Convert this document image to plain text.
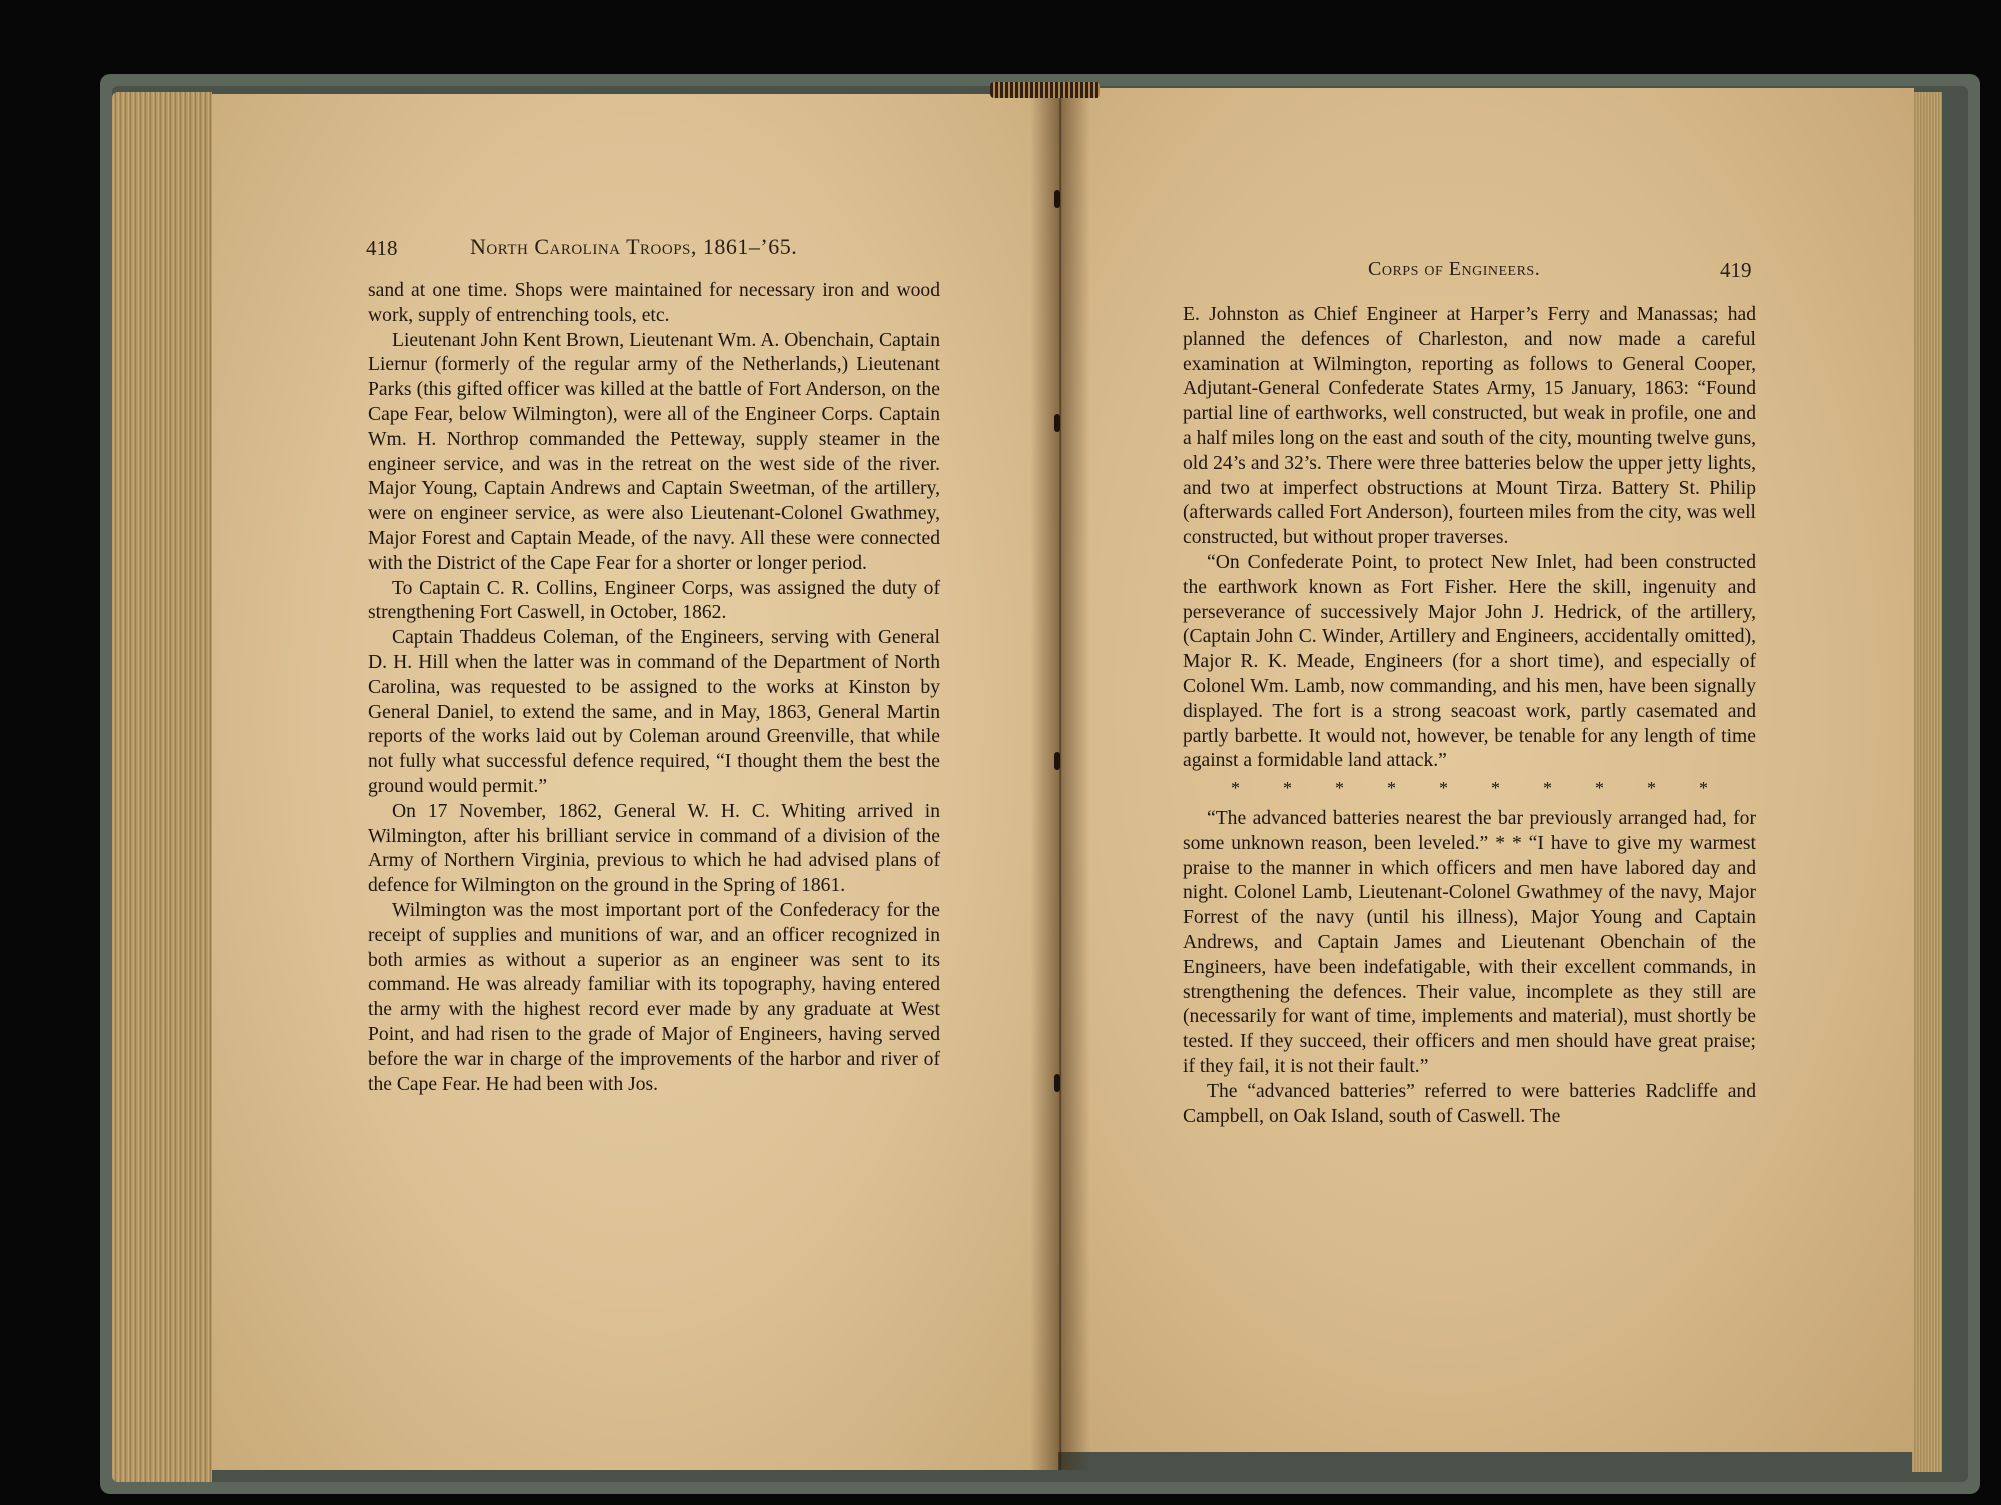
418	North Carolina Troops, 1861–’65.
Corps of Engineers.	419

sand at one time. Shops were maintained for necessary iron and wood work, supply of entrenching tools, etc.

Lieutenant John Kent Brown, Lieutenant Wm. A. Obenchain, Captain Liernur (formerly of the regular army of the Netherlands,) Lieutenant Parks (this gifted officer was killed at the battle of Fort Anderson, on the Cape Fear, below Wilmington), were all of the Engineer Corps. Captain Wm. H. Northrop commanded the Petteway, supply steamer in the engineer service, and was in the retreat on the west side of the river. Major Young, Captain Andrews and Captain Sweetman, of the artillery, were on engineer service, as were also Lieutenant-Colonel Gwathmey, Major Forest and Captain Meade, of the navy. All these were connected with the District of the Cape Fear for a shorter or longer period.

To Captain C. R. Collins, Engineer Corps, was assigned the duty of strengthening Fort Caswell, in October, 1862.

Captain Thaddeus Coleman, of the Engineers, serving with General D. H. Hill when the latter was in command of the Department of North Carolina, was requested to be assigned to the works at Kinston by General Daniel, to extend the same, and in May, 1863, General Martin reports of the works laid out by Coleman around Greenville, that while not fully what successful defence required, “I thought them the best the ground would permit.”

On 17 November, 1862, General W. H. C. Whiting arrived in Wilmington, after his brilliant service in command of a division of the Army of Northern Virginia, previous to which he had advised plans of defence for Wilmington on the ground in the Spring of 1861.

Wilmington was the most important port of the Confederacy for the receipt of supplies and munitions of war, and an officer recognized in both armies as without a superior as an engineer was sent to its command. He was already familiar with its topography, having entered the army with the highest record ever made by any graduate at West Point, and had risen to the grade of Major of Engineers, having served before the war in charge of the improvements of the harbor and river of the Cape Fear. He had been with Jos.

E. Johnston as Chief Engineer at Harper’s Ferry and Manassas; had planned the defences of Charleston, and now made a careful examination at Wilmington, reporting as follows to General Cooper, Adjutant-General Confederate States Army, 15 January, 1863: “Found partial line of earthworks, well constructed, but weak in profile, one and a half miles long on the east and south of the city, mounting twelve guns, old 24’s and 32’s. There were three batteries below the upper jetty lights, and two at imperfect obstructions at Mount Tirza. Battery St. Philip (afterwards called Fort Anderson), fourteen miles from the city, was well constructed, but without proper traverses.

“On Confederate Point, to protect New Inlet, had been constructed the earthwork known as Fort Fisher. Here the skill, ingenuity and perseverance of successively Major John J. Hedrick, of the artillery, (Captain John C. Winder, Artillery and Engineers, accidentally omitted), Major R. K. Meade, Engineers (for a short time), and especially of Colonel Wm. Lamb, now commanding, and his men, have been signally displayed. The fort is a strong seacoast work, partly casemated and partly barbette. It would not, however, be tenable for any length of time against a formidable land attack.”

* * * * * * * * * *

“The advanced batteries nearest the bar previously arranged had, for some unknown reason, been leveled.” * * “I have to give my warmest praise to the manner in which officers and men have labored day and night. Colonel Lamb, Lieutenant-Colonel Gwathmey of the navy, Major Forrest of the navy (until his illness), Major Young and Captain Andrews, and Captain James and Lieutenant Obenchain of the Engineers, have been indefatigable, with their excellent commands, in strengthening the defences. Their value, incomplete as they still are (necessarily for want of time, implements and material), must shortly be tested. If they succeed, their officers and men should have great praise; if they fail, it is not their fault.”

The “advanced batteries” referred to were batteries Radcliffe and Campbell, on Oak Island, south of Caswell. The
